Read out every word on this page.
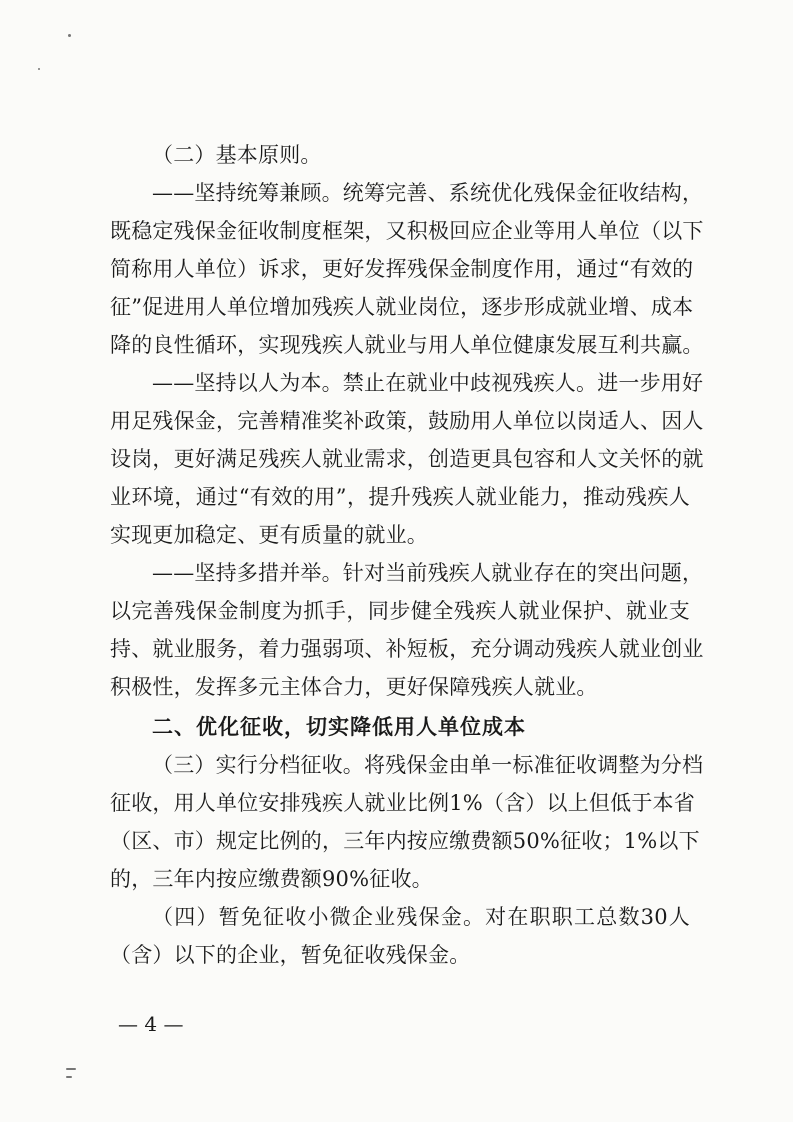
（二）基本原则。
——坚持统筹兼顾。统筹完善、系统优化残保金征收结构，
既稳定残保金征收制度框架，又积极回应企业等用人单位（以下
简称用人单位）诉求，更好发挥残保金制度作用，通过“有效的
征”促进用人单位增加残疾人就业岗位，逐步形成就业增、成本
降的良性循环，实现残疾人就业与用人单位健康发展互利共赢。
——坚持以人为本。禁止在就业中歧视残疾人。进一步用好
用足残保金，完善精准奖补政策，鼓励用人单位以岗适人、因人
设岗，更好满足残疾人就业需求，创造更具包容和人文关怀的就
业环境，通过“有效的用”，提升残疾人就业能力，推动残疾人
实现更加稳定、更有质量的就业。
——坚持多措并举。针对当前残疾人就业存在的突出问题，
以完善残保金制度为抓手，同步健全残疾人就业保护、就业支
持、就业服务，着力强弱项、补短板，充分调动残疾人就业创业
积极性，发挥多元主体合力，更好保障残疾人就业。
二、优化征收，切实降低用人单位成本
（三）实行分档征收。将残保金由单一标准征收调整为分档
征收，用人单位安排残疾人就业比例1%（含）以上但低于本省
（区、市）规定比例的，三年内按应缴费额50%征收；1%以下
的，三年内按应缴费额90%征收。
（四）暂免征收小微企业残保金。对在职职工总数30人
（含）以下的企业，暂免征收残保金。
— 4 —
